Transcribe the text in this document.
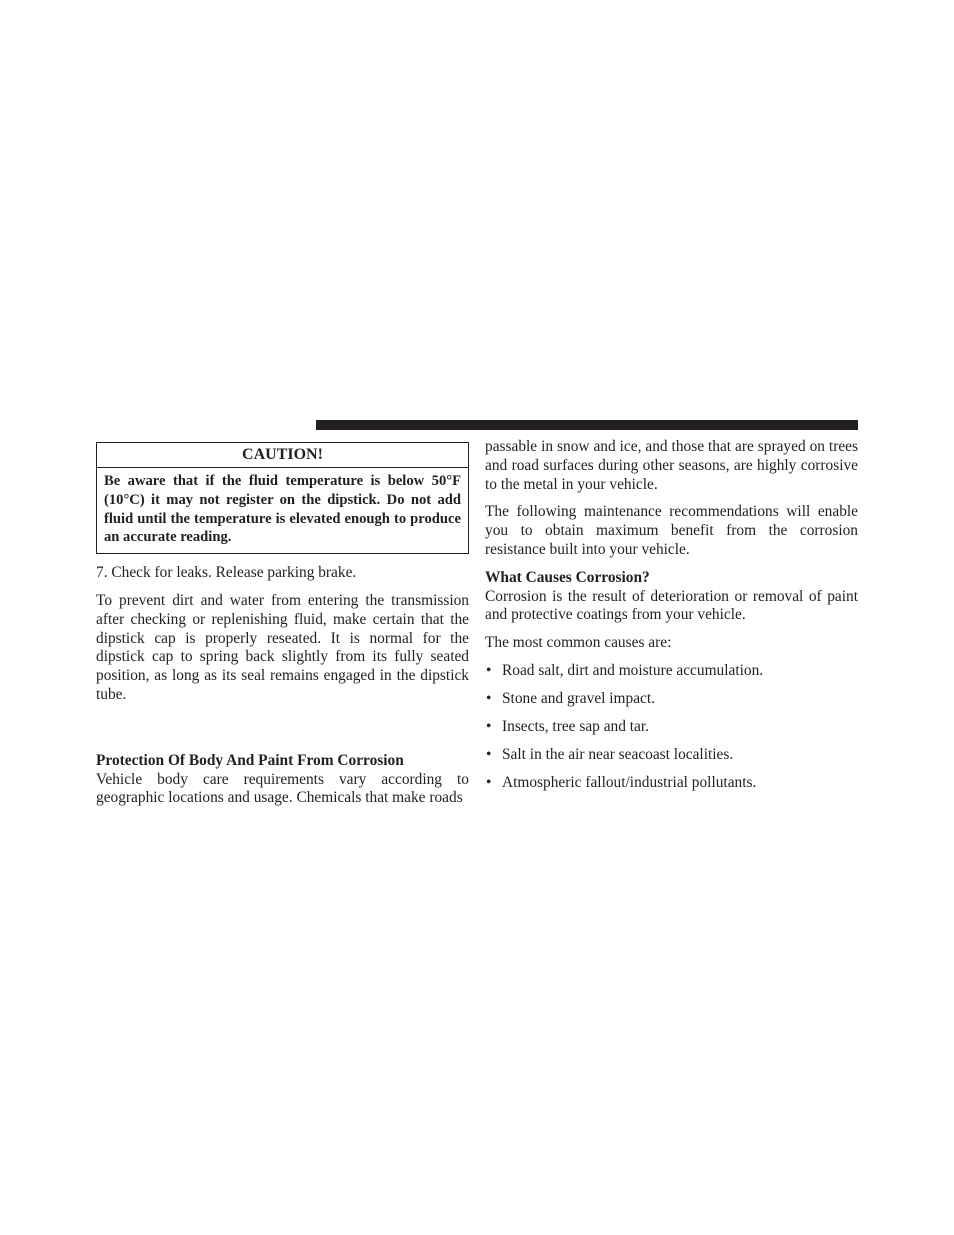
CAUTION!
Be aware that if the fluid temperature is below 50°F (10°C) it may not register on the dipstick. Do not add fluid until the temperature is elevated enough to produce an accurate reading.

7. Check for leaks. Release parking brake.

To prevent dirt and water from entering the transmission after checking or replenishing fluid, make certain that the dipstick cap is properly reseated. It is normal for the dipstick cap to spring back slightly from its fully seated position, as long as its seal remains engaged in the dipstick tube.

Protection Of Body And Paint From Corrosion

Vehicle body care requirements vary according to geographic locations and usage. Chemicals that make roads

passable in snow and ice, and those that are sprayed on trees and road surfaces during other seasons, are highly corrosive to the metal in your vehicle.

The following maintenance recommendations will enable you to obtain maximum benefit from the corrosion resistance built into your vehicle.

What Causes Corrosion?

Corrosion is the result of deterioration or removal of paint and protective coatings from your vehicle.

The most common causes are:

• Road salt, dirt and moisture accumulation.
• Stone and gravel impact.
• Insects, tree sap and tar.
• Salt in the air near seacoast localities.
• Atmospheric fallout/industrial pollutants.
